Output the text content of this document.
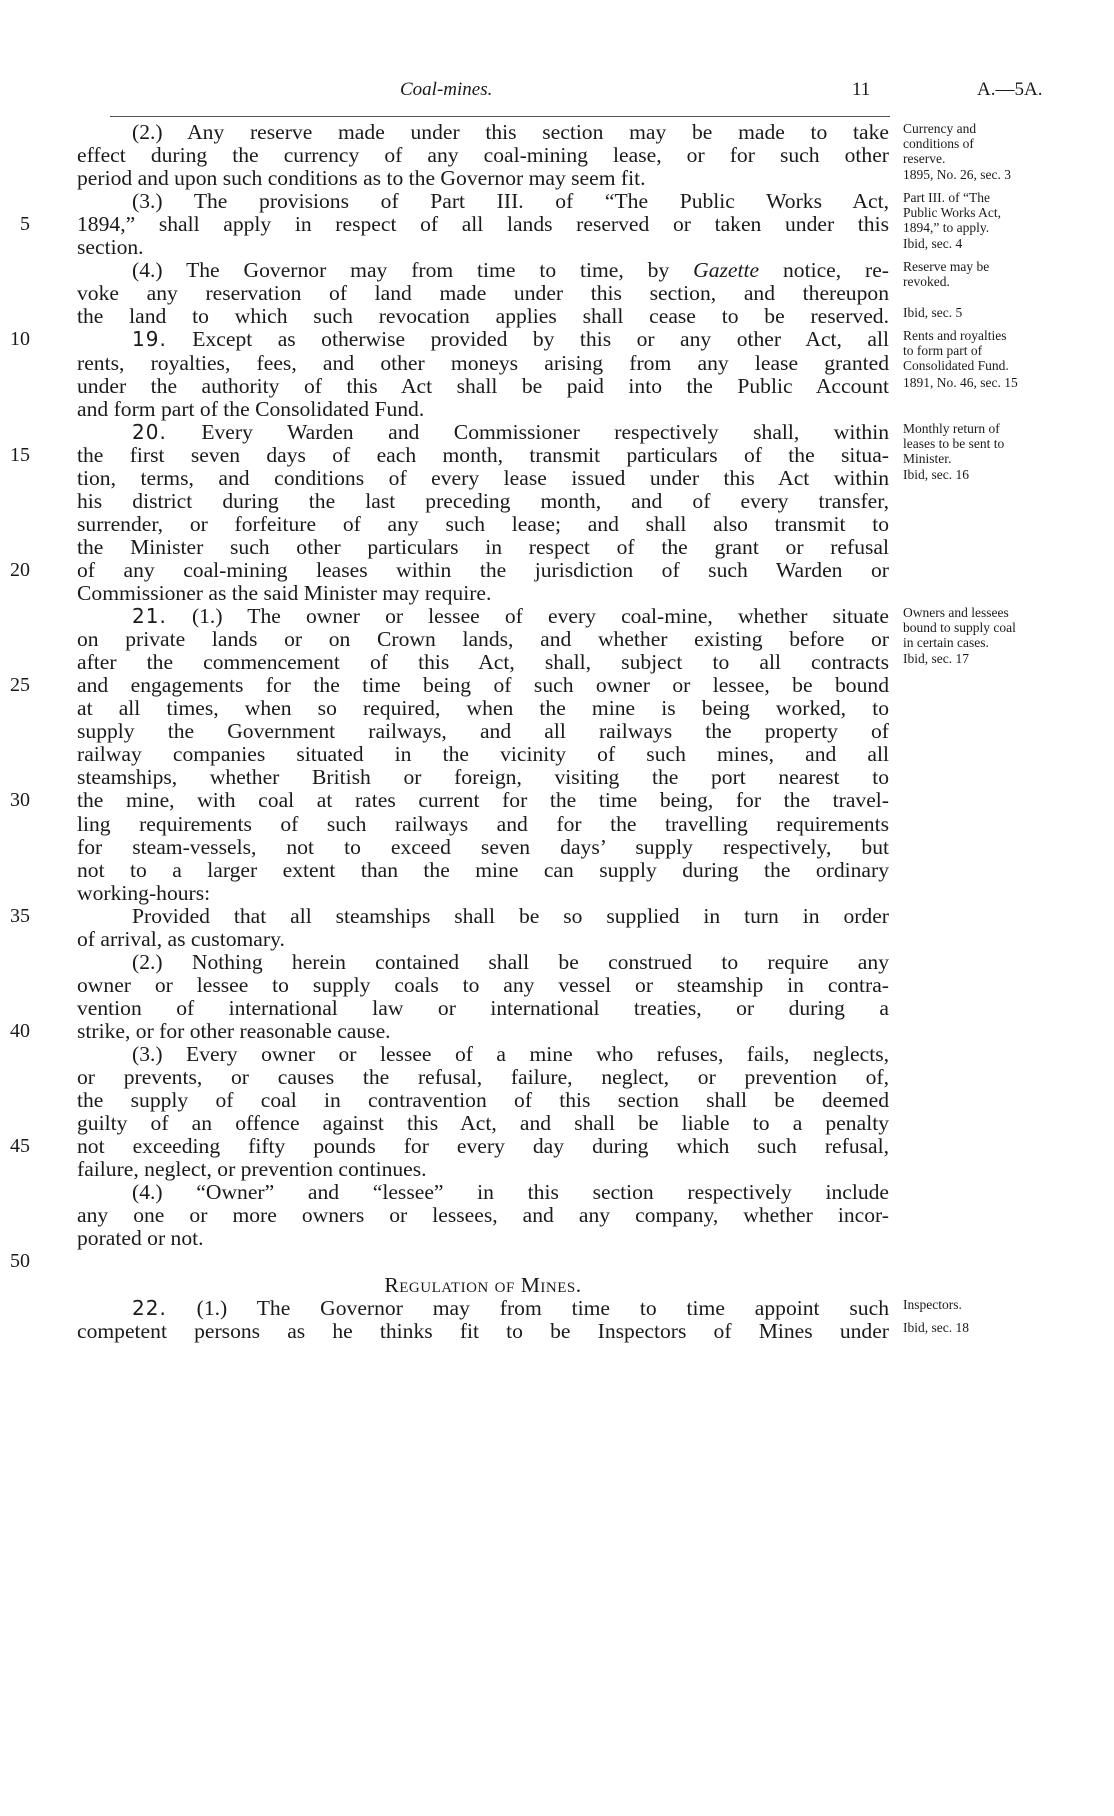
Coal-mines.	11	A.—5A.
(2.) Any reserve made under this section may be made to take
effect during the currency of any coal-mining lease, or for such other
period and upon such conditions as to the Governor may seem fit.
(3.) The provisions of Part III. of “The Public Works Act,
1894,” shall apply in respect of all lands reserved or taken under this
section.
(4.) The Governor may from time to time, by Gazette notice, re-
voke any reservation of land made under this section, and thereupon
the land to which such revocation applies shall cease to be reserved.
19. Except as otherwise provided by this or any other Act, all
rents, royalties, fees, and other moneys arising from any lease granted
under the authority of this Act shall be paid into the Public Account
and form part of the Consolidated Fund.
20. Every Warden and Commissioner respectively shall, within
the first seven days of each month, transmit particulars of the situa-
tion, terms, and conditions of every lease issued under this Act within
his district during the last preceding month, and of every transfer,
surrender, or forfeiture of any such lease; and shall also transmit to
the Minister such other particulars in respect of the grant or refusal
of any coal-mining leases within the jurisdiction of such Warden or
Commissioner as the said Minister may require.
21. (1.) The owner or lessee of every coal-mine, whether situate
on private lands or on Crown lands, and whether existing before or
after the commencement of this Act, shall, subject to all contracts
and engagements for the time being of such owner or lessee, be bound
at all times, when so required, when the mine is being worked, to
supply the Government railways, and all railways the property of
railway companies situated in the vicinity of such mines, and all
steamships, whether British or foreign, visiting the port nearest to
the mine, with coal at rates current for the time being, for the travel-
ling requirements of such railways and for the travelling requirements
for steam-vessels, not to exceed seven days’ supply respectively, but
not to a larger extent than the mine can supply during the ordinary
working-hours:
Provided that all steamships shall be so supplied in turn in order
of arrival, as customary.
(2.) Nothing herein contained shall be construed to require any
owner or lessee to supply coals to any vessel or steamship in contra-
vention of international law or international treaties, or during a
strike, or for other reasonable cause.
(3.) Every owner or lessee of a mine who refuses, fails, neglects,
or prevents, or causes the refusal, failure, neglect, or prevention of,
the supply of coal in contravention of this section shall be deemed
guilty of an offence against this Act, and shall be liable to a penalty
not exceeding fifty pounds for every day during which such refusal,
failure, neglect, or prevention continues.
(4.) “Owner” and “lessee” in this section respectively include
any one or more owners or lessees, and any company, whether incor-
porated or not.
Regulation of Mines.
22. (1.) The Governor may from time to time appoint such
competent persons as he thinks fit to be Inspectors of Mines under
5
10
15
20
25
30
35
40
45
50
Currency and
conditions of
reserve.
1895, No. 26, sec. 3
Part III. of “The
Public Works Act,
1894,” to apply.
Ibid, sec. 4
Reserve may be
revoked.
Ibid, sec. 5
Rents and royalties
to form part of
Consolidated Fund.
1891, No. 46, sec. 15
Monthly return of
leases to be sent to
Minister.
Ibid, sec. 16
Owners and lessees
bound to supply coal
in certain cases.
Ibid, sec. 17
Inspectors.
Ibid, sec. 18
